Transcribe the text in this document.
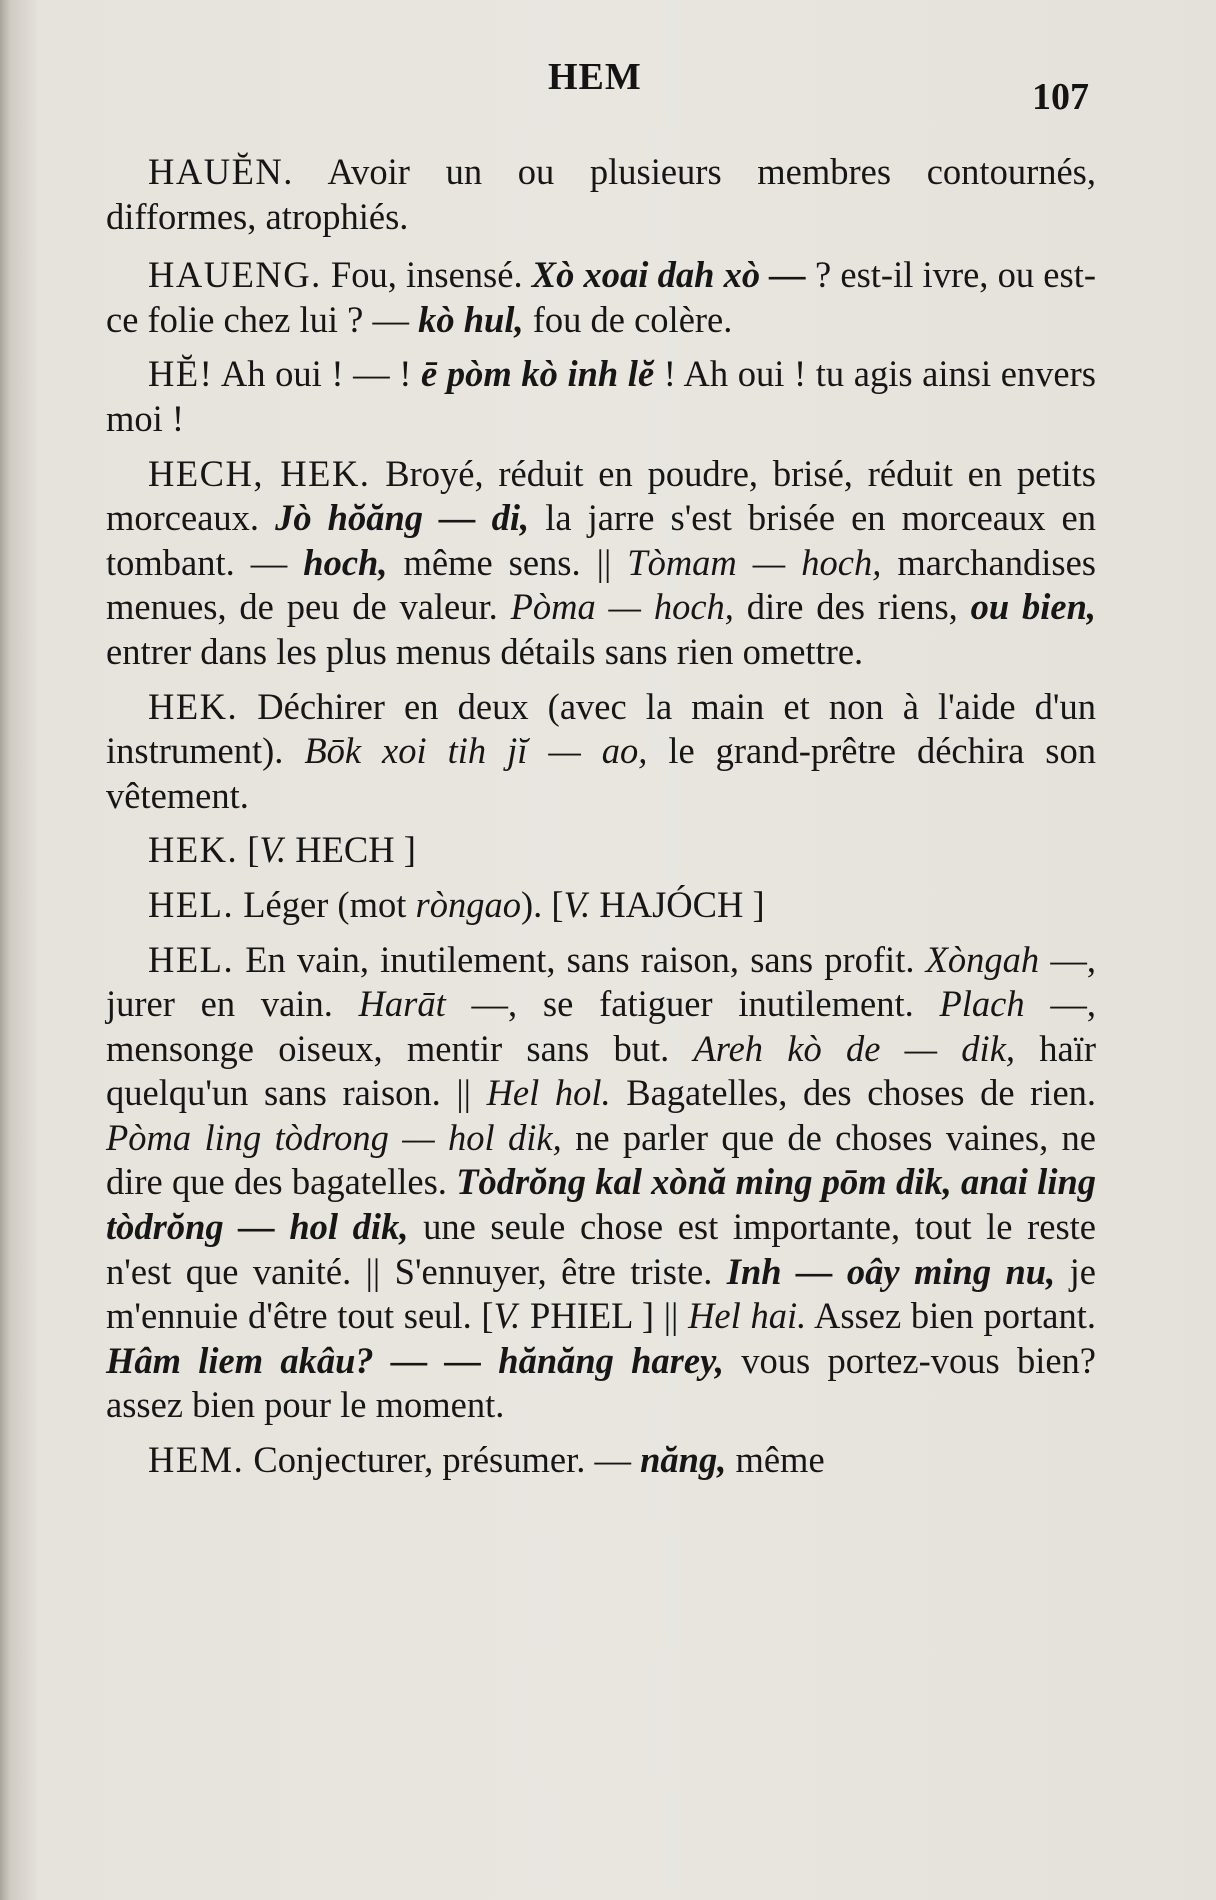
HEM	107

HAUĔN. Avoir un ou plusieurs membres contournés, difformes, atrophiés.

HAUENG. Fou, insensé. Xò xoai dah xò — ? est-il ivre, ou est-ce folie chez lui ? — kò hul, fou de colère.

HĔ! Ah oui ! — ! ē pòm kò inh lĕ ! Ah oui ! tu agis ainsi envers moi !

HECH, HEK. Broyé, réduit en poudre, brisé, réduit en petits morceaux. Jò hŏăng — di, la jarre s'est brisée en morceaux en tombant. — hoch, même sens. || Tòmam — hoch, marchandises menues, de peu de valeur. Pòma — hoch, dire des riens, ou bien, entrer dans les plus menus détails sans rien omettre.

HEK. Déchirer en deux (avec la main et non à l'aide d'un instrument). Bōk xoi tih jĭ — ao, le grand-prêtre déchira son vêtement.

HEK. [V. HECH ]

HEL. Léger (mot ròngao). [V. HAJÓCH ]

HEL. En vain, inutilement, sans raison, sans profit. Xòngah —, jurer en vain. Harāt —, se fatiguer inutilement. Plach —, mensonge oiseux, mentir sans but. Areh kò de — dik, haïr quelqu'un sans raison. || Hel hol. Bagatelles, des choses de rien. Pòma ling tòdrong — hol dik, ne parler que de choses vaines, ne dire que des bagatelles. Tòdrŏng kal xònă ming pōm dik, anai ling tòdrŏng — hol dik, une seule chose est importante, tout le reste n'est que vanité. || S'ennuyer, être triste. Inh — oây ming nu, je m'ennuie d'être tout seul. [V. PHIEL ] || Hel hai. Assez bien portant. Hâm liem akâu? — — hănăng harey, vous portez-vous bien? assez bien pour le moment.

HEM. Conjecturer, présumer. — năng, même
